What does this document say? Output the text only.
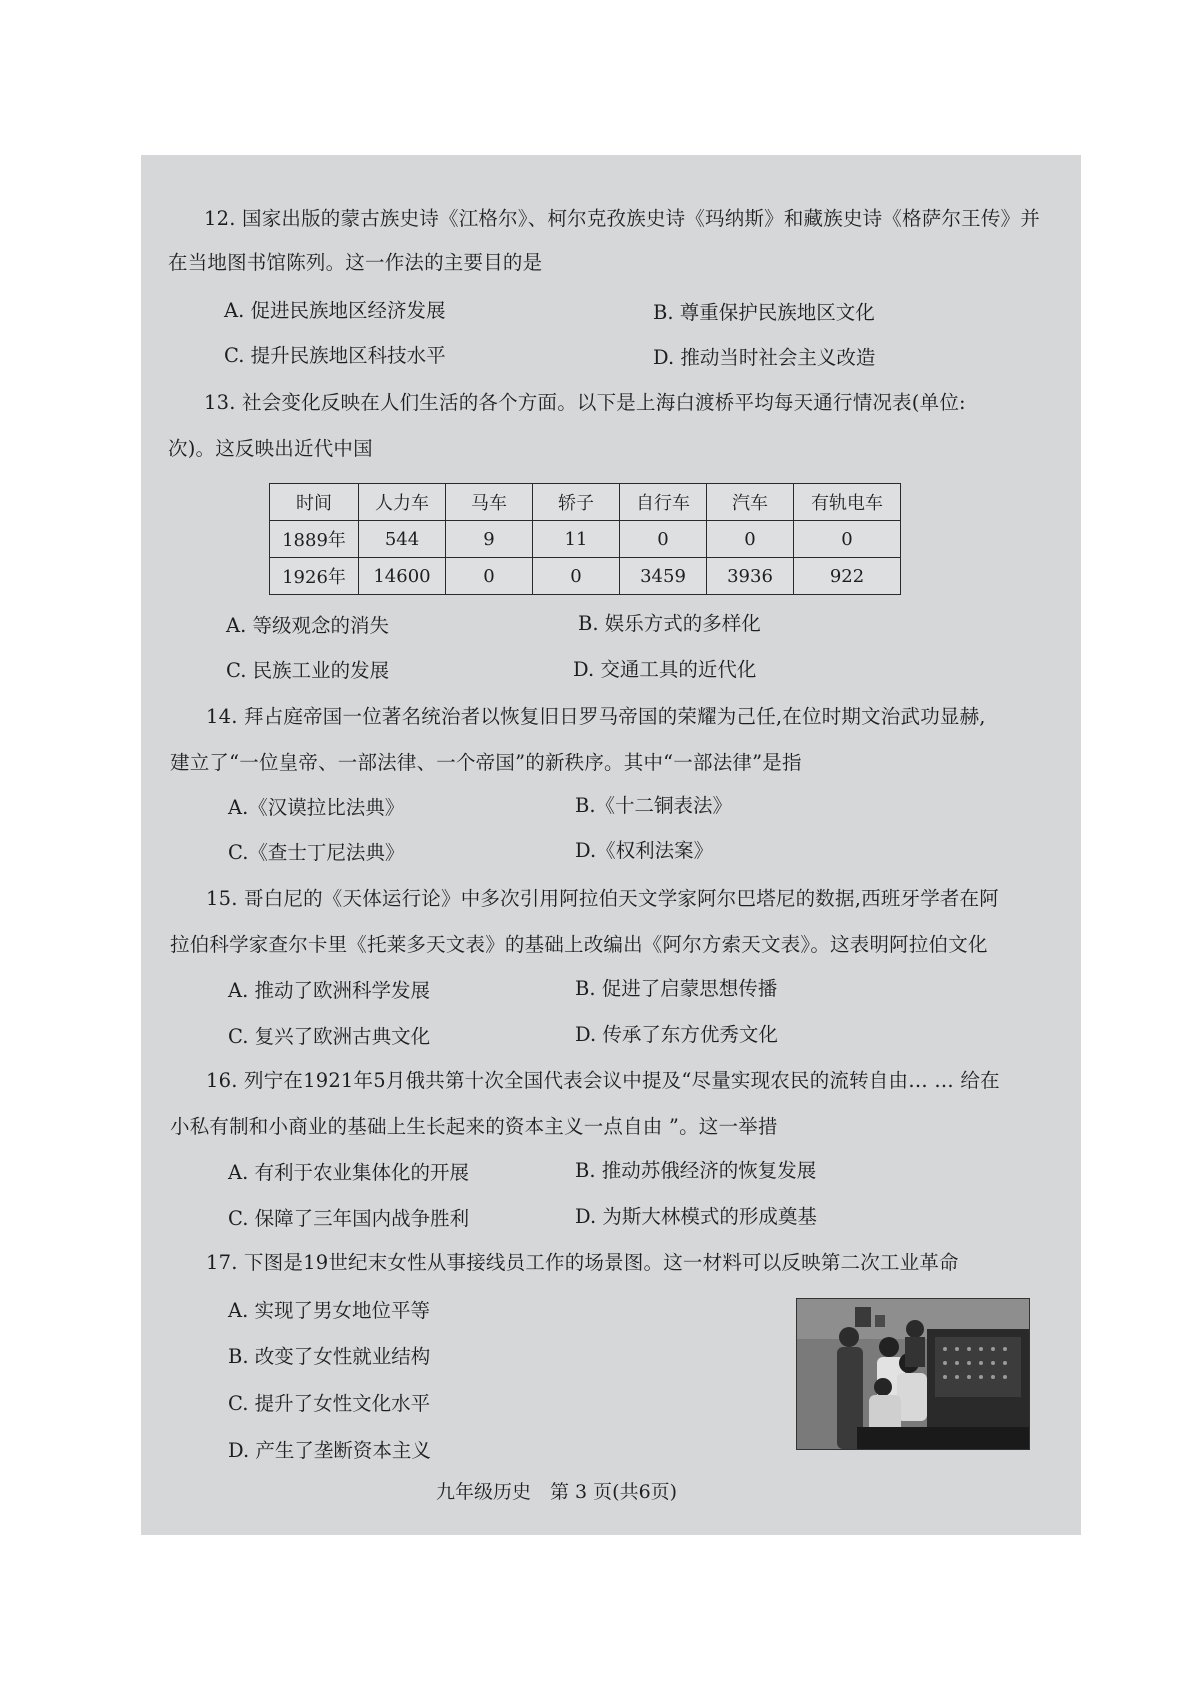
12. 国家出版的蒙古族史诗《江格尔》、柯尔克孜族史诗《玛纳斯》和藏族史诗《格萨尔王传》并
在当地图书馆陈列。这一作法的主要目的是
A. 促进民族地区经济发展	B. 尊重保护民族地区文化
C. 提升民族地区科技水平	D. 推动当时社会主义改造
13. 社会变化反映在人们生活的各个方面。以下是上海白渡桥平均每天通行情况表(单位:
次)。这反映出近代中国
时间	人力车	马车	轿子	自行车	汽车	有轨电车
1889年	544	9	11	0	0	0
1926年	14600	0	0	3459	3936	922
A. 等级观念的消失	B. 娱乐方式的多样化
C. 民族工业的发展	D. 交通工具的近代化
14. 拜占庭帝国一位著名统治者以恢复旧日罗马帝国的荣耀为己任,在位时期文治武功显赫,
建立了“一位皇帝、一部法律、一个帝国”的新秩序。其中“一部法律”是指
A.《汉谟拉比法典》	B.《十二铜表法》
C.《查士丁尼法典》	D.《权利法案》
15. 哥白尼的《天体运行论》中多次引用阿拉伯天文学家阿尔巴塔尼的数据,西班牙学者在阿
拉伯科学家查尔卡里《托莱多天文表》的基础上改编出《阿尔方索天文表》。这表明阿拉伯文化
A. 推动了欧洲科学发展	B. 促进了启蒙思想传播
C. 复兴了欧洲古典文化	D. 传承了东方优秀文化
16. 列宁在1921年5月俄共第十次全国代表会议中提及“尽量实现农民的流转自由… … 给在
小私有制和小商业的基础上生长起来的资本主义一点自由 ”。这一举措
A. 有利于农业集体化的开展	B. 推动苏俄经济的恢复发展
C. 保障了三年国内战争胜利	D. 为斯大林模式的形成奠基
17. 下图是19世纪末女性从事接线员工作的场景图。这一材料可以反映第二次工业革命
A. 实现了男女地位平等
B. 改变了女性就业结构
C. 提升了女性文化水平
D. 产生了垄断资本主义
九年级历史　第 3 页(共6页)
